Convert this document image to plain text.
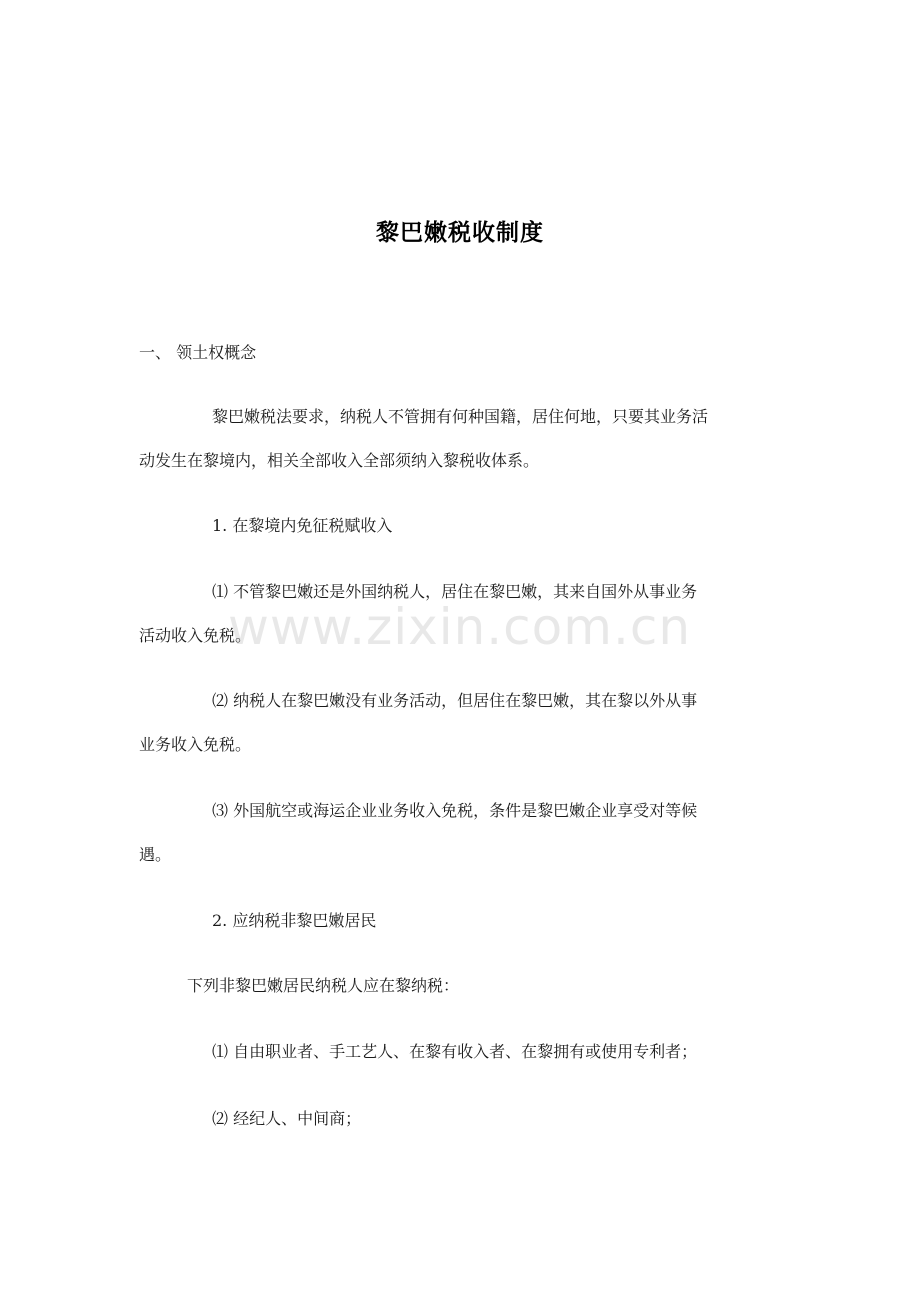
黎巴嫩税收制度
一、 领土权概念
黎巴嫩税法要求，纳税人不管拥有何种国籍，居住何地，只要其业务活
动发生在黎境内，相关全部收入全部须纳入黎税收体系。
1. 在黎境内免征税赋收入
⑴ 不管黎巴嫩还是外国纳税人，居住在黎巴嫩，其来自国外从事业务
活动收入免税。
⑵ 纳税人在黎巴嫩没有业务活动，但居住在黎巴嫩，其在黎以外从事
业务收入免税。
⑶ 外国航空或海运企业业务收入免税，条件是黎巴嫩企业享受对等候
遇。
2. 应纳税非黎巴嫩居民
下列非黎巴嫩居民纳税人应在黎纳税：
⑴ 自由职业者、手工艺人、在黎有收入者、在黎拥有或使用专利者；
⑵ 经纪人、中间商；
www.zixin.com.cn
